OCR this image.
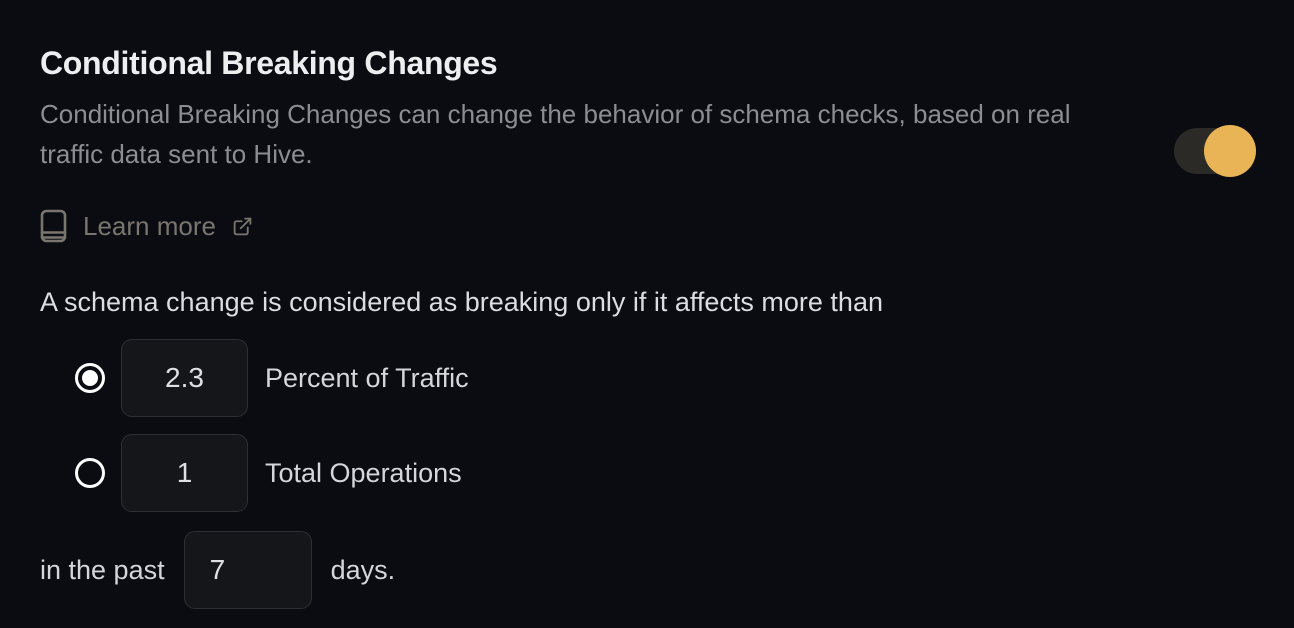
Conditional Breaking Changes
Conditional Breaking Changes can change the behavior of schema checks, based on real
traffic data sent to Hive.
Learn more
A schema change is considered as breaking only if it affects more than
2.3
Percent of Traffic
1
Total Operations
in the past
7	days.
